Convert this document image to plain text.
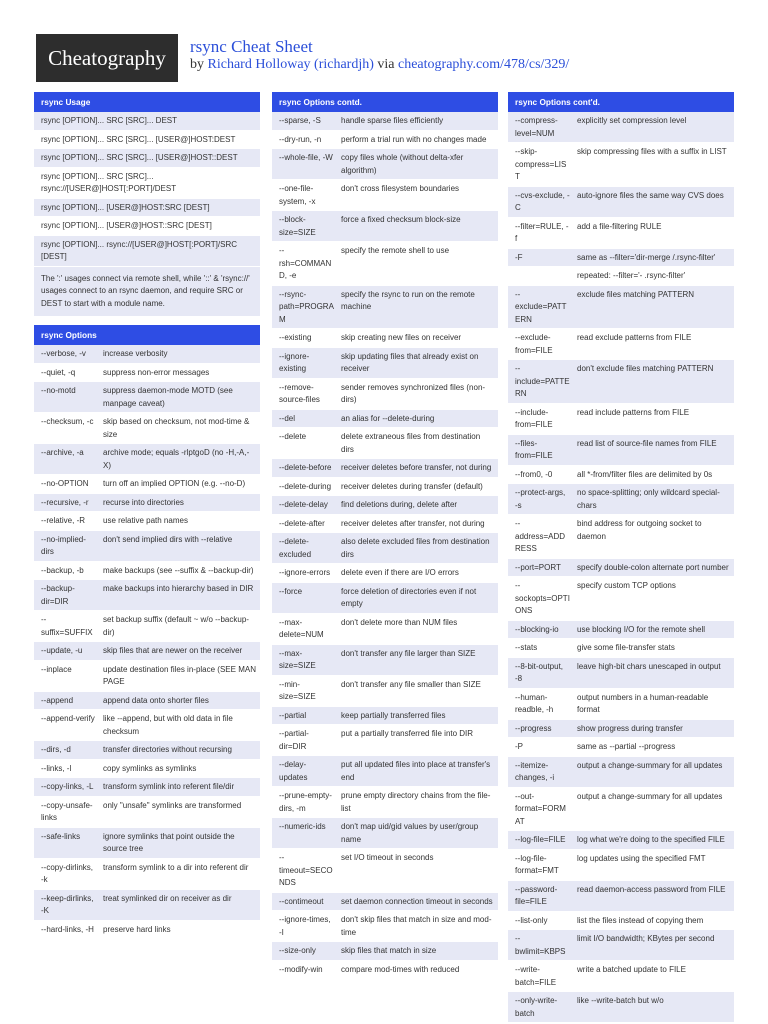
Cheatography	rsync Cheat Sheet
by Richard Holloway (richardjh) via cheatography.com/478/cs/329/
rsync Usage
rsync [OPTION]... SRC [SRC]... DEST
rsync [OPTION]... SRC [SRC]... [USER@]HOST:DEST
rsync [OPTION]... SRC [SRC]... [USER@]HOST::DEST
rsync [OPTION]... SRC [SRC]... rsync://[USER@]HOST[:PORT]/DEST
rsync [OPTION]... [USER@]HOST:SRC [DEST]
rsync [OPTION]... [USER@]HOST::SRC [DEST]
rsync [OPTION]... rsync://[USER@]HOST[:PORT]/SRC [DEST]
The ':' usages connect via remote shell, while '::' & 'rsync://' usages connect to an rsync daemon, and require SRC or DEST to start with a module name.
rsync Options
--verbose, -v	increase verbosity
--quiet, -q	suppress non-error messages
--no-motd	suppress daemon-mode MOTD (see manpage caveat)
--checksum, -c	skip based on checksum, not mod-time & size
--archive, -a	archive mode; equals -rlptgoD (no -H,-A,-X)
--no-OPTION	turn off an implied OPTION (e.g. --no-D)
--recursive, -r	recurse into directories
--relative, -R	use relative path names
--no-implied-dirs	don't send implied dirs with --relative
--backup, -b	make backups (see --suffix & --backup-dir)
--backup-dir=DIR	make backups into hierarchy based in DIR
--suffix=SUFFIX	set backup suffix (default ~ w/o --backup-dir)
--update, -u	skip files that are newer on the receiver
--inplace	update destination files in-place (SEE MAN PAGE
--append	append data onto shorter files
--append-verify	like --append, but with old data in file checksum
--dirs, -d	transfer directories without recursing
--links, -l	copy symlinks as symlinks
--copy-links, -L	transform symlink into referent file/dir
--copy-unsafe-links	only "unsafe" symlinks are transformed
--safe-links	ignore symlinks that point outside the source tree
--copy-dirlinks, -k	transform symlink to a dir into referent dir
--keep-dirlinks, -K	treat symlinked dir on receiver as dir
--hard-links, -H	preserve hard links
rsync Options contd.
--sparse, -S	handle sparse files efficiently
--dry-run, -n	perform a trial run with no changes made
--whole-file, -W	copy files whole (without delta-xfer algorithm)
--one-file-system, -x	don't cross filesystem boundaries
--block-size=SIZE	force a fixed checksum block-size
--rsh=COMMAND, -e	specify the remote shell to use
--rsync-path=PROGRAM	specify the rsync to run on the remote machine
--existing	skip creating new files on receiver
--ignore-existing	skip updating files that already exist on receiver
--remove-source-files	sender removes synchronized files (non-dirs)
--del	an alias for --delete-during
--delete	delete extraneous files from destination dirs
--delete-before	receiver deletes before transfer, not during
--delete-during	receiver deletes during transfer (default)
--delete-delay	find deletions during, delete after
--delete-after	receiver deletes after transfer, not during
--delete-excluded	also delete excluded files from destination dirs
--ignore-errors	delete even if there are I/O errors
--force	force deletion of directories even if not empty
--max-delete=NUM	don't delete more than NUM files
--max-size=SIZE	don't transfer any file larger than SIZE
--min-size=SIZE	don't transfer any file smaller than SIZE
--partial	keep partially transferred files
--partial-dir=DIR	put a partially transferred file into DIR
--delay-updates	put all updated files into place at transfer's end
--prune-empty-dirs, -m	prune empty directory chains from the file-list
--numeric-ids	don't map uid/gid values by user/group name
--timeout=SECONDS	set I/O timeout in seconds
--contimeout	set daemon connection timeout in seconds
--ignore-times, -I	don't skip files that match in size and mod-time
--size-only	skip files that match in size
--modify-win	compare mod-times with reduced
rsync Options cont'd.
--compress-level=NUM	explicitly set compression level
--skip-compress=LIST	skip compressing files with a suffix in LIST
--cvs-exclude, -C	auto-ignore files the same way CVS does
--filter=RULE, -f	add a file-filtering RULE
-F	same as --filter='dir-merge /.rsync-filter'
	repeated: --filter='- .rsync-filter'
--exclude=PATTERN	exclude files matching PATTERN
--exclude-from=FILE	read exclude patterns from FILE
--include=PATTERN	don't exclude files matching PATTERN
--include-from=FILE	read include patterns from FILE
--files-from=FILE	read list of source-file names from FILE
--from0, -0	all *-from/filter files are delimited by 0s
--protect-args, -s	no space-splitting; only wildcard special-chars
--address=ADDRESS	bind address for outgoing socket to daemon
--port=PORT	specify double-colon alternate port number
--sockopts=OPTIONS	specify custom TCP options
--blocking-io	use blocking I/O for the remote shell
--stats	give some file-transfer stats
--8-bit-output, -8	leave high-bit chars unescaped in output
--human-readble, -h	output numbers in a human-readable format
--progress	show progress during transfer
-P	same as --partial --progress
--itemize-changes, -i	output a change-summary for all updates
--out-format=FORMAT	output a change-summary for all updates
--log-file=FILE	log what we're doing to the specified FILE
--log-file-format=FMT	log updates using the specified FMT
--password-file=FILE	read daemon-access password from FILE
--list-only	list the files instead of copying them
--bwlimit=KBPS	limit I/O bandwidth; KBytes per second
--write-batch=FILE	write a batched update to FILE
--only-write-batch	like --write-batch but w/o
